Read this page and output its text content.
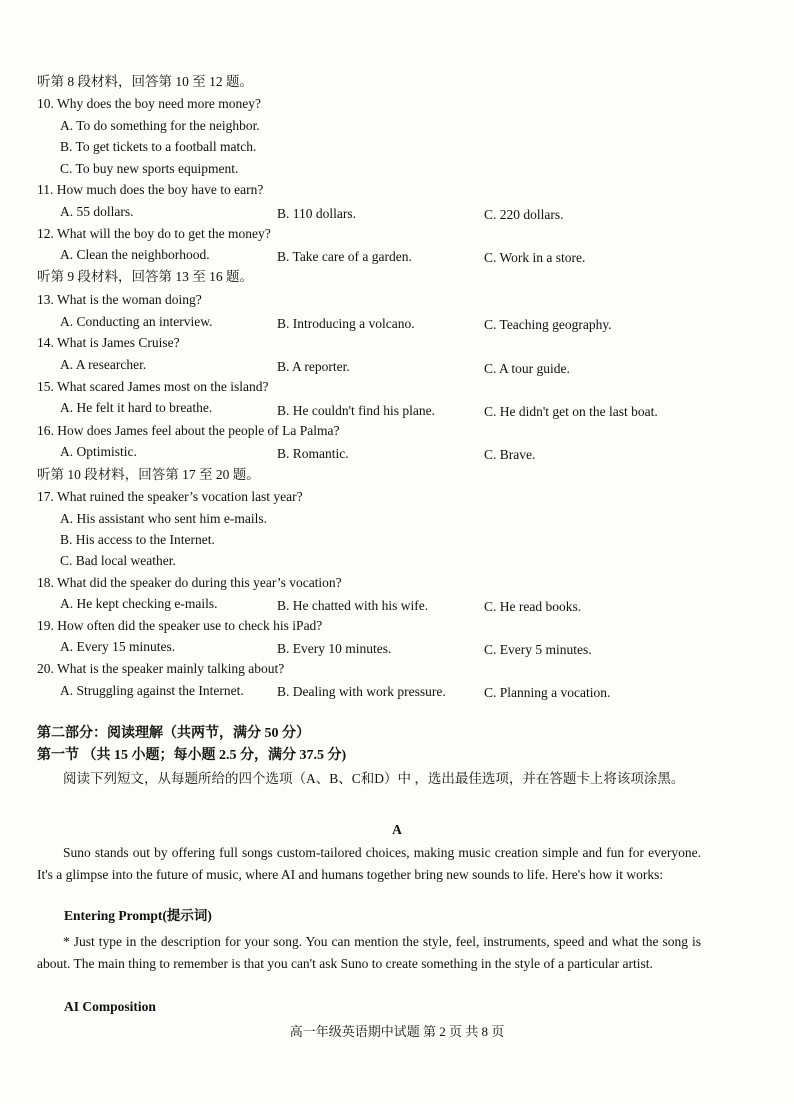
听第 8 段材料，回答第 10 至 12 题。
10. Why does the boy need more money?
A. To do something for the neighbor.
B. To get tickets to a football match.
C. To buy new sports equipment.
11. How much does the boy have to earn?
A. 55 dollars.	B. 110 dollars.	C. 220 dollars.
12. What will the boy do to get the money?
A. Clean the neighborhood.	B. Take care of a garden.	C. Work in a store.
听第 9 段材料，回答第 13 至 16 题。
13. What is the woman doing?
A. Conducting an interview.	B. Introducing a volcano.	C. Teaching geography.
14. What is James Cruise?
A. A researcher.	B. A reporter.	C. A tour guide.
15. What scared James most on the island?
A. He felt it hard to breathe.	B. He couldn't find his plane.	C. He didn't get on the last boat.
16. How does James feel about the people of La Palma?
A. Optimistic.	B. Romantic.	C. Brave.
听第 10 段材料，回答第 17 至 20 题。
17. What ruined the speaker’s vocation last year?
A. His assistant who sent him e-mails.
B. His access to the Internet.
C. Bad local weather.
18. What did the speaker do during this year’s vocation?
A. He kept checking e-mails.	B. He chatted with his wife.	C. He read books.
19. How often did the speaker use to check his iPad?
A. Every 15 minutes.	B. Every 10 minutes.	C. Every 5 minutes.
20. What is the speaker mainly talking about?
A. Struggling against the Internet. B. Dealing with work pressure.	C. Planning a vocation.
第二部分：阅读理解（共两节，满分 50 分）
第一节 （共 15 小题；每小题 2.5 分，满分 37.5 分)
阅读下列短文，从每题所给的四个选项（A、B、C和D）中 ，选出最佳选项，并在答题卡上将该项涂黑。
A
Suno stands out by offering full songs custom-tailored choices, making music creation simple and fun for everyone. It's a glimpse into the future of music, where AI and humans together bring new sounds to life. Here's how it works:
Entering Prompt(提示词)
* Just type in the description for your song. You can mention the style, feel, instruments, speed and what the song is about. The main thing to remember is that you can't ask Suno to create something in the style of a particular artist.
AI Composition
高一年级英语期中试题 第 2 页 共 8 页
